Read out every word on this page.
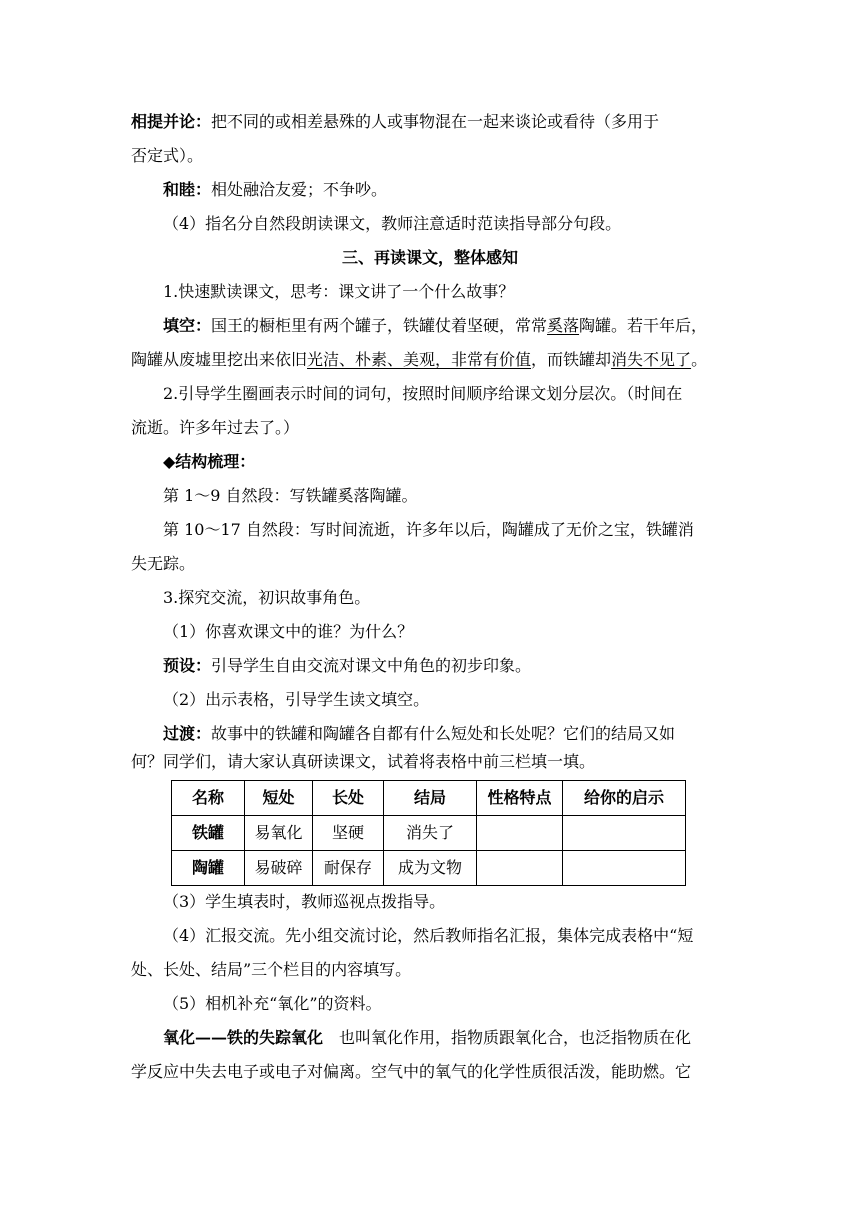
相提并论：把不同的或相差悬殊的人或事物混在一起来谈论或看待（多用于
否定式）。
和睦：相处融洽友爱；不争吵。
（4）指名分自然段朗读课文，教师注意适时范读指导部分句段。
三、再读课文，整体感知
1.快速默读课文，思考：课文讲了一个什么故事？
填空：国王的橱柜里有两个罐子，铁罐仗着坚硬，常常奚落陶罐。若干年后，
陶罐从废墟里挖出来依旧光洁、朴素、美观，非常有价值，而铁罐却消失不见了。
2.引导学生圈画表示时间的词句，按照时间顺序给课文划分层次。（时间在
流逝。许多年过去了。）
◆结构梳理：
第 1～9 自然段：写铁罐奚落陶罐。
第 10～17 自然段：写时间流逝，许多年以后，陶罐成了无价之宝，铁罐消
失无踪。
3.探究交流，初识故事角色。
（1）你喜欢课文中的谁？为什么？
预设：引导学生自由交流对课文中角色的初步印象。
（2）出示表格，引导学生读文填空。
过渡：故事中的铁罐和陶罐各自都有什么短处和长处呢？它们的结局又如
何？同学们，请大家认真研读课文，试着将表格中前三栏填一填。
名称	短处	长处	结局	性格特点	给你的启示
铁罐	易氧化	坚硬	消失了		
陶罐	易破碎	耐保存	成为文物		
（3）学生填表时，教师巡视点拨指导。
（4）汇报交流。先小组交流讨论，然后教师指名汇报，集体完成表格中“短
处、长处、结局”三个栏目的内容填写。
（5）相机补充“氧化”的资料。
氧化——铁的失踪氧化　也叫氧化作用，指物质跟氧化合，也泛指物质在化
学反应中失去电子或电子对偏离。空气中的氧气的化学性质很活泼，能助燃。它
